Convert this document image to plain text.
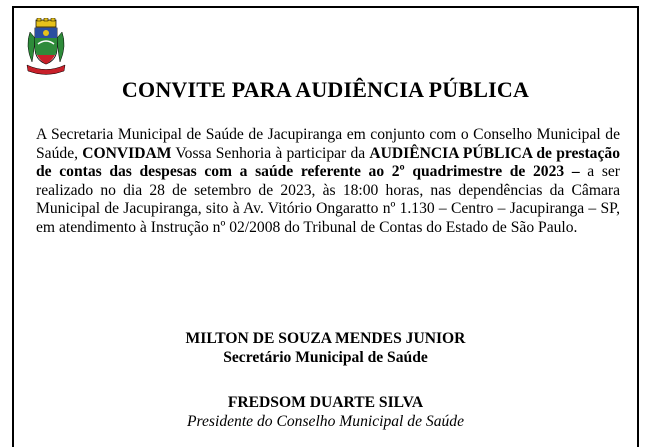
CONVITE PARA AUDIÊNCIA PÚBLICA
A Secretaria Municipal de Saúde de Jacupiranga em conjunto com o Conselho Municipal de Saúde, CONVIDAM Vossa Senhoria à participar da AUDIÊNCIA PÚBLICA de prestação de contas das despesas com a saúde referente ao 2º quadrimestre de 2023 – a ser realizado no dia 28 de setembro de 2023, às 18:00 horas, nas dependências da Câmara Municipal de Jacupiranga, sito à Av. Vitório Ongaratto nº 1.130 – Centro – Jacupiranga – SP, em atendimento à Instrução nº 02/2008 do Tribunal de Contas do Estado de São Paulo.
MILTON DE SOUZA MENDES JUNIOR
Secretário Municipal de Saúde
FREDSOM DUARTE SILVA
Presidente do Conselho Municipal de Saúde
